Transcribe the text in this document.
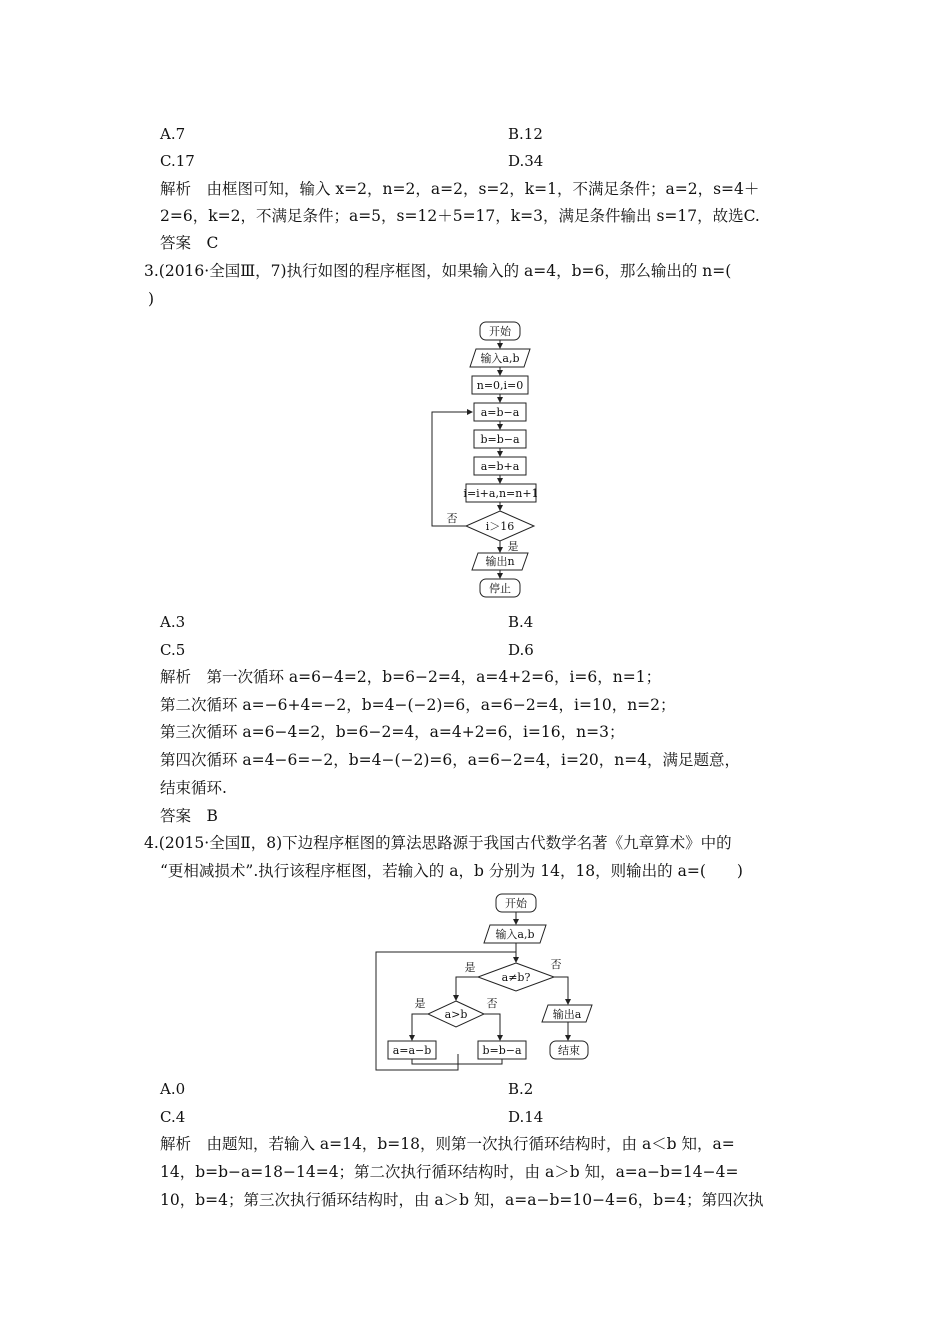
A.7	B.12
C.17	D.34
解析　由框图可知，输入 x=2，n=2，a=2，s=2，k=1，不满足条件；a=2，s=4＋
2=6，k=2，不满足条件；a=5，s=12＋5=17，k=3，满足条件输出 s=17，故选C.
答案　C
3.(2016·全国Ⅲ，7)执行如图的程序框图，如果输入的 a=4，b=6，那么输出的 n=(
)
开始
输入a,b
n=0,i=0
a=b−a
b=b−a
a=b+a
i=i+a,n=n+1
i＞16
否
是
输出n
停止
A.3	B.4
C.5	D.6
解析　第一次循环 a=6−4=2，b=6−2=4，a=4+2=6，i=6，n=1；
第二次循环 a=−6+4=−2，b=4−(−2)=6，a=6−2=4，i=10，n=2；
第三次循环 a=6−4=2，b=6−2=4，a=4+2=6，i=16，n=3；
第四次循环 a=4−6=−2，b=4−(−2)=6，a=6−2=4，i=20，n=4，满足题意，
结束循环.
答案　B
4.(2015·全国Ⅱ，8)下边程序框图的算法思路源于我国古代数学名著《九章算术》中的
“更相减损术”.执行该程序框图，若输入的 a，b 分别为 14，18，则输出的 a=(　　)
开始
输入a,b
a≠b?
是	否
a>b
是	否
a=a−b	b=b−a
输出a
结束
A.0	B.2
C.4	D.14
解析　由题知，若输入 a=14，b=18，则第一次执行循环结构时，由 a＜b 知，a=
14，b=b−a=18−14=4；第二次执行循环结构时，由 a＞b 知，a=a−b=14−4=
10，b=4；第三次执行循环结构时，由 a＞b 知，a=a−b=10−4=6，b=4；第四次执
